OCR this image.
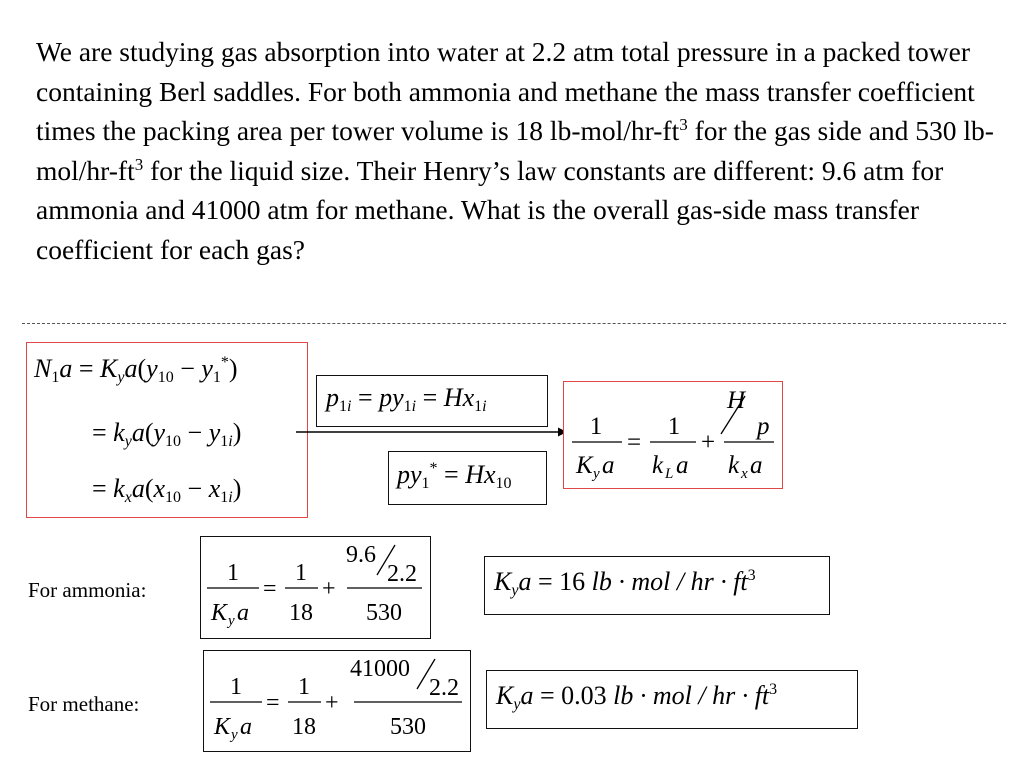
We are studying gas absorption into water at 2.2 atm total pressure in a packed tower containing Berl saddles. For both ammonia and methane the mass transfer coefficient times the packing area per tower volume is 18 $lb-mol/hr-ft^3$ for the gas side and 530 $lb-mol/hr-ft^3$ for the liquid size. Their Henry’s law constants are different: 9.6 atm for ammonia and 41000 atm for methane. What is the overall gas-side mass transfer coefficient for each gas?

$N_1a = K_ya(y_{10} - y_1^*)$
= $k_ya(y_{10} - y_{1i})$
= $k_xa(x_{10} - x_{1i})$
$p_{1i} = py_{1i} = Hx_{1i}$
$py_1^* = Hx_{10}$
1
K y a
=
1
k L a
+
H
p
k x a
For ammonia:
1
K y a
=
1
18
+
9.6
2.2
530
$K_ya = 16$ lb · mol / hr · $ft^3$
For methane:
1
K y a
=
1
18
+
41000
2.2
530
$K_ya = 0.03$ lb · mol / hr · $ft^3$
